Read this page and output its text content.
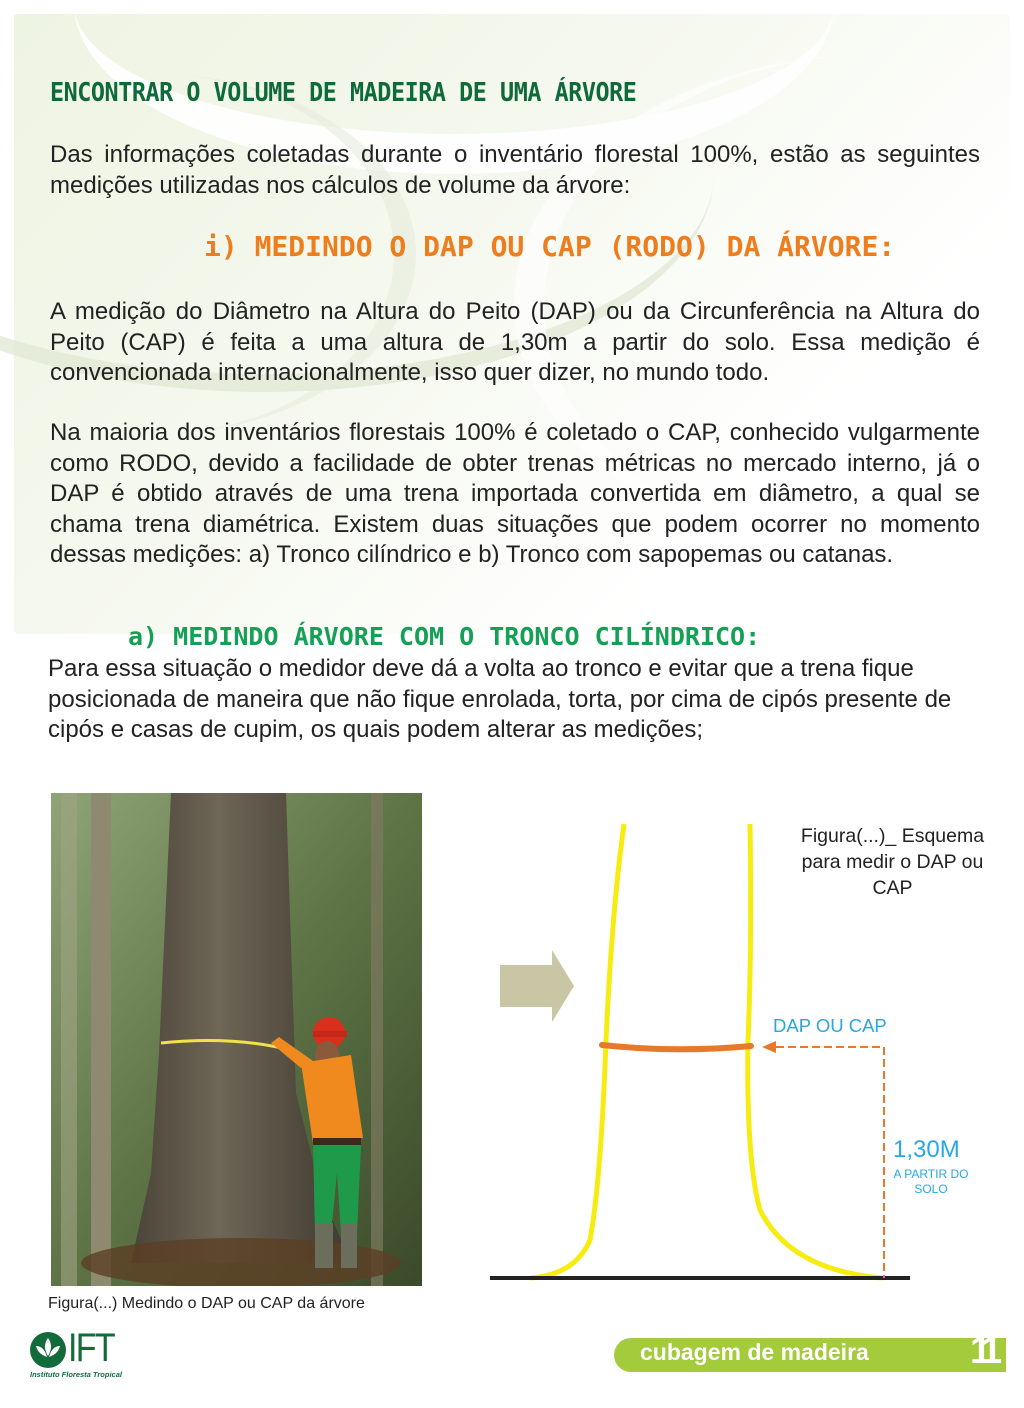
ENCONTRAR O VOLUME DE MADEIRA DE UMA ÁRVORE
Das informações coletadas durante o inventário florestal 100%, estão as seguintes medições utilizadas nos cálculos de volume da árvore:
i) MEDINDO O DAP OU CAP (RODO) DA ÁRVORE:
A medição do Diâmetro na Altura do Peito (DAP) ou da Circunferência na Altura do Peito (CAP) é feita a uma altura de 1,30m a partir do solo. Essa medição é convencionada internacionalmente, isso quer dizer, no mundo todo.
Na maioria dos inventários florestais 100% é coletado o CAP, conhecido vulgarmente como RODO, devido a facilidade de obter trenas métricas no mercado interno, já o DAP é obtido através de uma trena importada convertida em diâmetro, a qual se chama trena diamétrica. Existem duas situações que podem ocorrer no momento dessas medições: a) Tronco cilíndrico e b) Tronco com sapopemas ou catanas.
a) MEDINDO ÁRVORE COM O TRONCO CILÍNDRICO:
Para essa situação o medidor deve dá a volta ao tronco e evitar que a trena fique posicionada de maneira que não fique enrolada, torta, por cima de cipós presente de cipós e casas de cupim, os quais podem alterar as medições;
Figura(...) Medindo o DAP ou CAP da árvore
Figura(...)_ Esquema para medir o DAP ou CAP
DAP OU CAP
1,30M
A PARTIR DO SOLO
IFT
Instituto Floresta Tropical
cubagem de madeira	11
